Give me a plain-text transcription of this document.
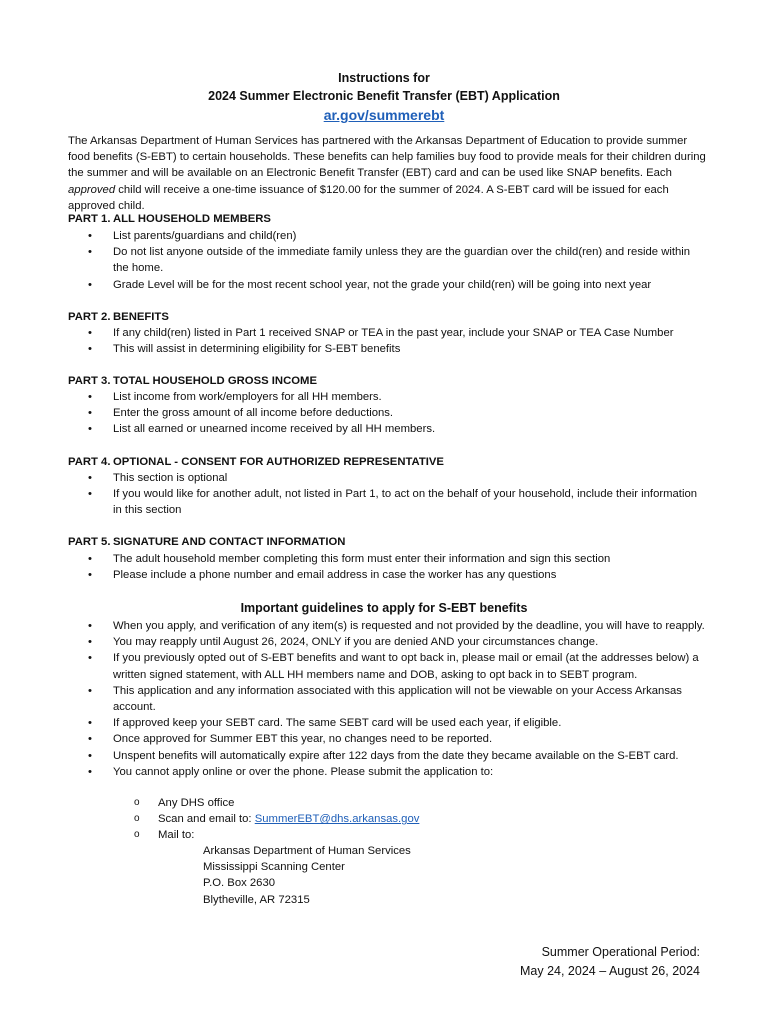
Instructions for
2024 Summer Electronic Benefit Transfer (EBT) Application
ar.gov/summerebt

The Arkansas Department of Human Services has partnered with the Arkansas Department of Education to provide summer food benefits (S-EBT) to certain households. These benefits can help families buy food to provide meals for their children during the summer and will be available on an Electronic Benefit Transfer (EBT) card and can be used like SNAP benefits. Each approved child will receive a one-time issuance of $120.00 for the summer of 2024. A S-EBT card will be issued for each approved child.

PART 1. ALL HOUSEHOLD MEMBERS
• List parents/guardians and child(ren)
• Do not list anyone outside of the immediate family unless they are the guardian over the child(ren) and reside within the home.
• Grade Level will be for the most recent school year, not the grade your child(ren) will be going into next year
PART 2. BENEFITS
• If any child(ren) listed in Part 1 received SNAP or TEA in the past year, include your SNAP or TEA Case Number
• This will assist in determining eligibility for S-EBT benefits
PART 3. TOTAL HOUSEHOLD GROSS INCOME
• List income from work/employers for all HH members.
• Enter the gross amount of all income before deductions.
• List all earned or unearned income received by all HH members.
PART 4. OPTIONAL - CONSENT FOR AUTHORIZED REPRESENTATIVE
• This section is optional
• If you would like for another adult, not listed in Part 1, to act on the behalf of your household, include their information in this section
PART 5. SIGNATURE AND CONTACT INFORMATION
• The adult household member completing this form must enter their information and sign this section
• Please include a phone number and email address in case the worker has any questions
Important guidelines to apply for S-EBT benefits
• When you apply, and verification of any item(s) is requested and not provided by the deadline, you will have to reapply.
• You may reapply until August 26, 2024, ONLY if you are denied AND your circumstances change.
• If you previously opted out of S-EBT benefits and want to opt back in, please mail or email (at the addresses below) a written signed statement, with ALL HH members name and DOB, asking to opt back in to SEBT program.
• This application and any information associated with this application will not be viewable on your Access Arkansas account.
• If approved keep your SEBT card. The same SEBT card will be used each year, if eligible.
• Once approved for Summer EBT this year, no changes need to be reported.
• Unspent benefits will automatically expire after 122 days from the date they became available on the S-EBT card.
• You cannot apply online or over the phone. Please submit the application to:
o Any DHS office
o Scan and email to: SummerEBT@dhs.arkansas.gov
o Mail to:
Arkansas Department of Human Services
Mississippi Scanning Center
P.O. Box 2630
Blytheville, AR 72315
Summer Operational Period:
May 24, 2024 – August 26, 2024
